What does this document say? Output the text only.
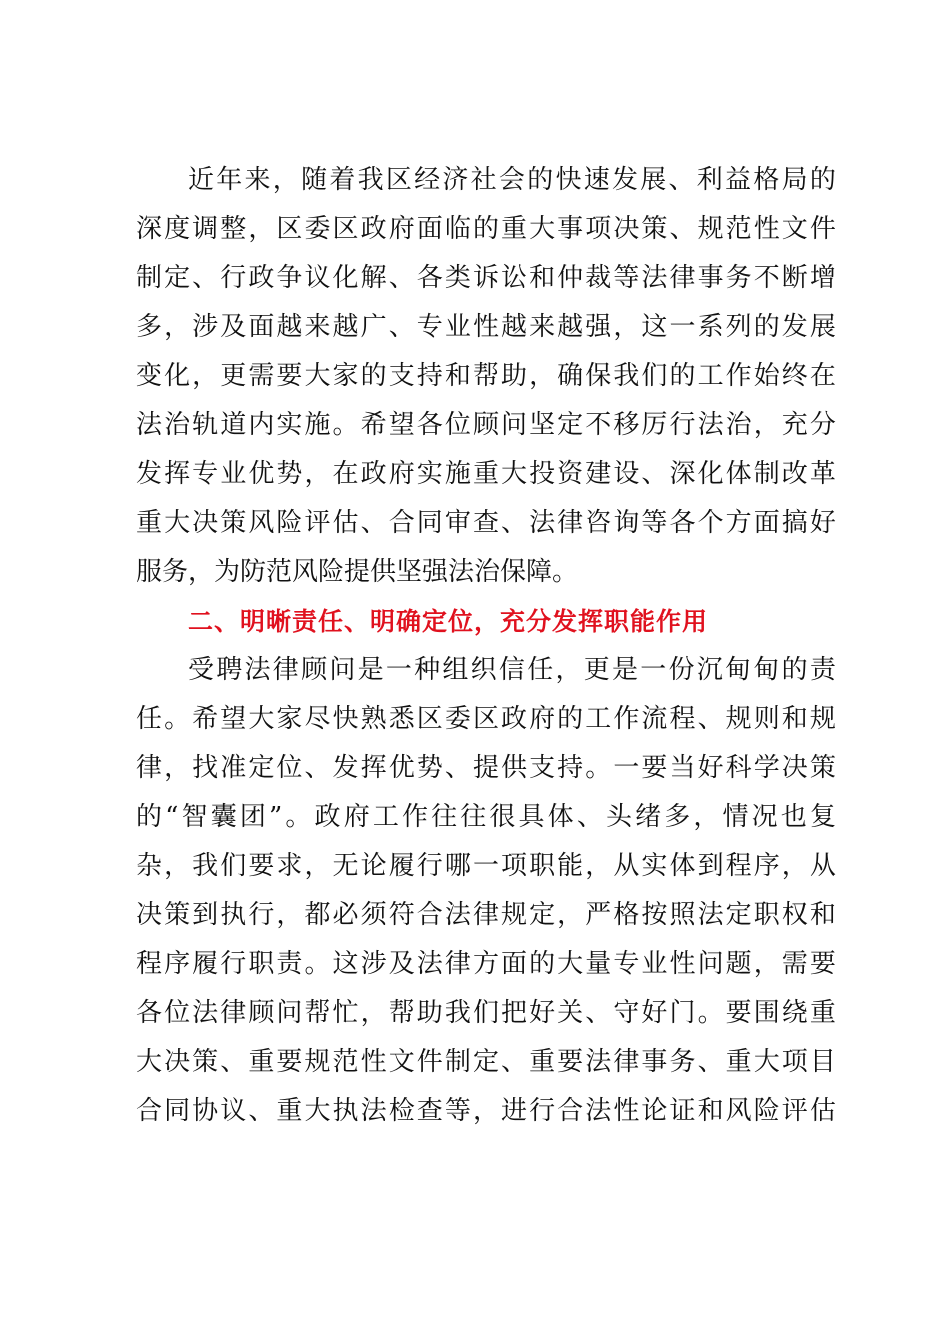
近 年 来 ， 随 着 我 区 经 济 社 会 的 快 速 发 展 、 利 益 格 局 的
深 度 调 整 ， 区 委 区 政 府 面 临 的 重 大 事 项 决 策 、 规 范 性 文 件
制 定 、 行 政 争 议 化 解 、 各 类 诉 讼 和 仲 裁 等 法 律 事 务 不 断 增
多 ， 涉 及 面 越 来 越 广 、 专 业 性 越 来 越 强 ， 这 一 系 列 的 发 展
变 化 ， 更 需 要 大 家 的 支 持 和 帮 助 ， 确 保 我 们 的 工 作 始 终 在
法 治 轨 道 内 实 施 。 希 望 各 位 顾 问 坚 定 不 移 厉 行 法 治 ， 充 分
发 挥 专 业 优 势 ， 在 政 府 实 施 重 大 投 资 建 设 、 深 化 体 制 改 革
重 大 决 策 风 险 评 估 、 合 同 审 查 、 法 律 咨 询 等 各 个 方 面 搞 好
服务，为防范风险提供坚强法治保障。
二、明晰责任、明确定位，充分发挥职能作用
受 聘 法 律 顾 问 是 一 种 组 织 信 任 ， 更 是 一 份 沉 甸 甸 的 责
任 。 希 望 大 家 尽 快 熟 悉 区 委 区 政 府 的 工 作 流 程 、 规 则 和 规
律 ， 找 准 定 位 、 发 挥 优 势 、 提 供 支 持 。 一 要 当 好 科 学 决 策
的 “ 智 囊 团 ” 。 政 府 工 作 往 往 很 具 体 、 头 绪 多 ， 情 况 也 复
杂 ， 我 们 要 求 ， 无 论 履 行 哪 一 项 职 能 ， 从 实 体 到 程 序 ， 从
决 策 到 执 行 ， 都 必 须 符 合 法 律 规 定 ， 严 格 按 照 法 定 职 权 和
程 序 履 行 职 责 。 这 涉 及 法 律 方 面 的 大 量 专 业 性 问 题 ， 需 要
各 位 法 律 顾 问 帮 忙 ， 帮 助 我 们 把 好 关 、 守 好 门 。 要 围 绕 重
大 决 策 、 重 要 规 范 性 文 件 制 定 、 重 要 法 律 事 务 、 重 大 项 目
合 同 协 议 、 重 大 执 法 检 查 等 ， 进 行 合 法 性 论 证 和 风 险 评 估
